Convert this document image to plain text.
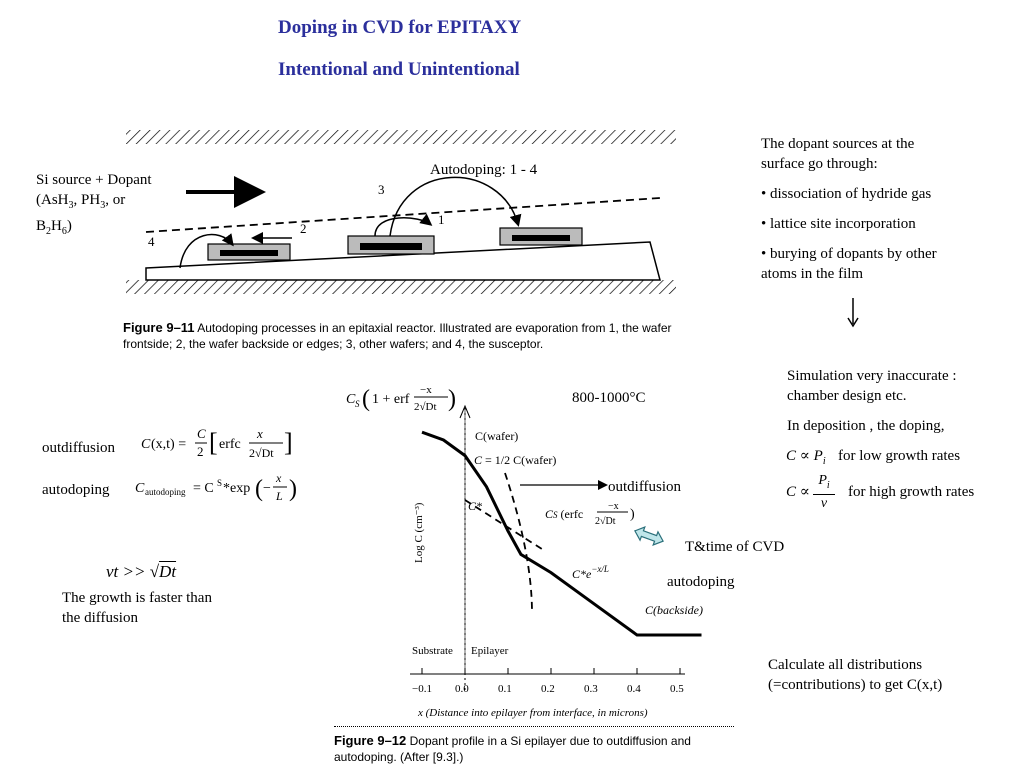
Doping in CVD for EPITAXY
Intentional and Unintentional
Si source + Dopant
(AsH$_3$, $PH_3$, or
$B_2H_6$)
4
2
1
3
Autodoping: 1 - 4
Figure 9–11 Autodoping processes in an epitaxial reactor. Illustrated are evaporation from 1, the wafer frontside; 2, the wafer backside or edges; 3, other wafers; and 4, the susceptor.
The dopant sources at the
surface go through:
• dissociation of hydride gas
• lattice site incorporation
• burying of dopants by other
atoms in the film
Simulation very inaccurate :
chamber design etc.
In deposition , the doping,
$C \propto P_i$ for low growth rates
C ∝
$P_i$
v
for high growth rates
Calculate all distributions
(=contributions) to get C(x,t)
outdiffusion
autodoping
C (x,t) =
C
2 [ erfc
x
2√Dt ]
C autodoping = C S *exp ( −
x
L )
vt >> √Dt
The growth is faster than
the diffusion
800-1000°C
outdiffusion
T&time of CVD
autodoping
C S ( 1 + erf
−x
2√Dt )
−0.1 0.0	0.1	0.2	0.3	0.4	0.5
C(wafer)
C = 1/2 C(wafer)
C*
CS (erfc
−x
2√Dt )
$C*e^{-x/L}$
C(backside)
Substrate Epilayer
Log C (cm⁻³)
x (Distance into epilayer from interface, in microns)
Figure 9–12 Dopant profile in a Si epilayer due to outdiffusion and autodoping. (After [9.3].)
